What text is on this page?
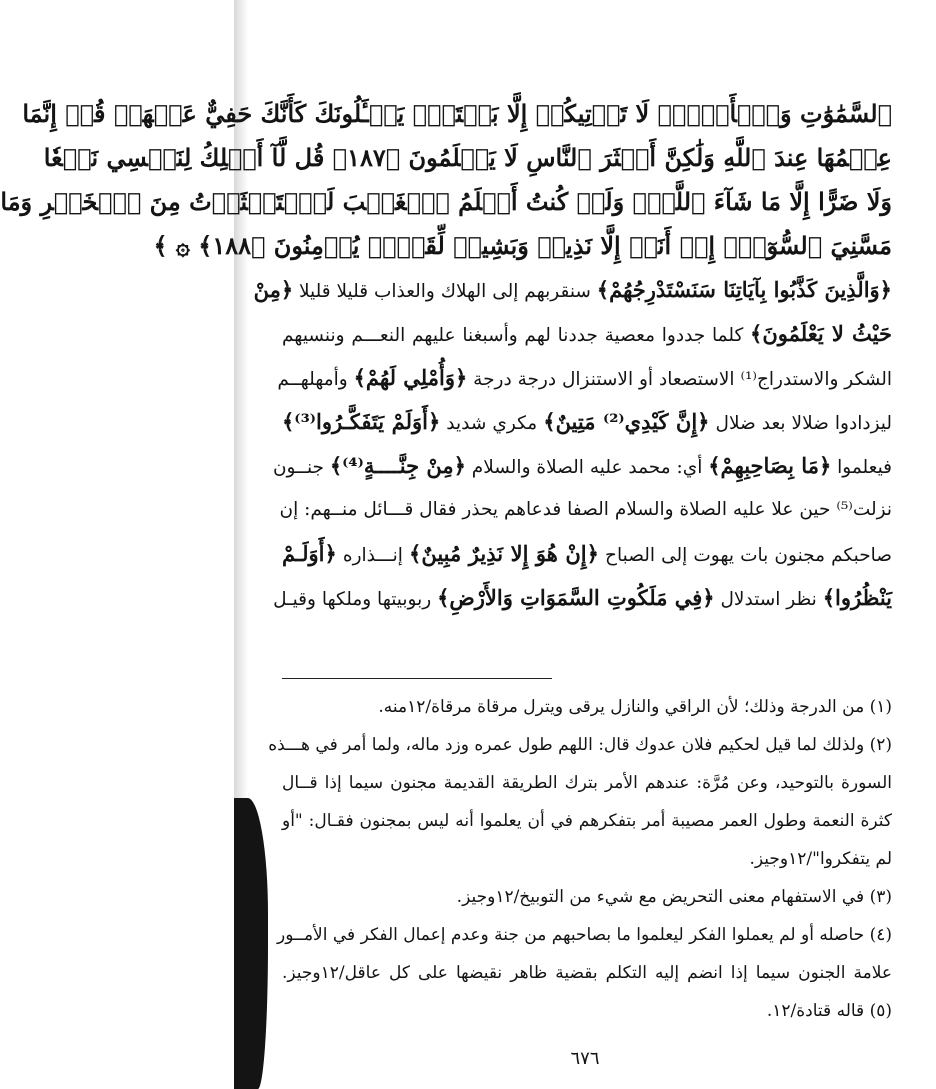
ٱلسَّمَٰوَٰتِ وَٱلۡأَرۡضِۚ لَا تَأۡتِيكُمۡ إِلَّا بَغۡتَةٗۗ يَسۡـَٔلُونَكَ كَأَنَّكَ حَفِيٌّ عَنۡهَاۖ قُلۡ إِنَّمَا
عِلۡمُهَا عِندَ ٱللَّهِ وَلَٰكِنَّ أَكۡثَرَ ٱلنَّاسِ لَا يَعۡلَمُونَ ﴿١٨٧﴾ قُل لَّآ أَمۡلِكُ لِنَفۡسِي نَفۡعٗا
وَلَا ضَرًّا إِلَّا مَا شَآءَ ٱللَّهُۚ وَلَوۡ كُنتُ أَعۡلَمُ ٱلۡغَيۡبَ لَٱسۡتَكۡثَرۡتُ مِنَ ٱلۡخَيۡرِ وَمَا
مَسَّنِيَ ٱلسُّوٓءُۚ إِنۡ أَنَا۠ إِلَّا نَذِيرٞ وَبَشِيرٞ لِّقَوۡمٖ يُؤۡمِنُونَ ﴿١٨٨﴾ ۞ ﴾
﴿وَالَّذِينَ كَذَّبُوا بِآيَاتِنَا سَنَسْتَدْرِجُهُمْ﴾ سنقربهم إلى الهلاك والعذاب قليلا قليلا ﴿مِنْ
حَيْثُ لا يَعْلَمُونَ﴾ كلما جددوا معصية جددنا لهم وأسبغنا عليهم النعـــم وننسيهم
الشكر والاستدراج⁽¹⁾ الاستصعاد أو الاستنزال درجة درجة ﴿وَأُمْلِي لَهُمْ﴾ وأمهلهــم
ليزدادوا ضلالا بعد ضلال ﴿إِنَّ كَيْدِي⁽²⁾ مَتِينٌ﴾ مكري شديد ﴿أَوَلَمْ يَتَفَكَّـرُوا⁽³⁾﴾
فيعلموا ﴿مَا بِصَاحِبِهِمْ﴾ أي: محمد عليه الصلاة والسلام ﴿مِنْ جِنَّــــةٍ⁽⁴⁾﴾ جنــون
نزلت⁽⁵⁾ حين علا عليه الصلاة والسلام الصفا فدعاهم يحذر فقال قـــائل منــهم: إن
صاحبكم مجنون بات يهوت إلى الصباح ﴿إِنْ هُوَ إِلا نَذِيرٌ مُبِينٌ﴾ إنـــذاره ﴿أَوَلَـمْ
يَنْظُرُوا﴾ نظر استدلال ﴿فِي مَلَكُوتِ السَّمَوَاتِ وَالأَرْضِ﴾ ربوبيتها وملكها وقيـل
(١) من الدرجة وذلك؛ لأن الراقي والنازل يرقى ويترل مرقاة مرقاة/١٢منه.
(٢) ولذلك لما قيل لحكيم فلان عدوك قال: اللهم طول عمره وزد ماله، ولما أمر في هـــذه
السورة بالتوحيد، وعن مُرَّة: عندهم الأمر بترك الطريقة القديمة مجنون سيما إذا قــال
كثرة النعمة وطول العمر مصيبة أمر بتفكرهم في أن يعلموا أنه ليس بمجنون فقـال: "أو
لم يتفكروا"/١٢وجيز.
(٣) في الاستفهام معنى التحريض مع شيء من التوبيخ/١٢وجيز.
(٤) حاصله أو لم يعملوا الفكر ليعلموا ما بصاحبهم من جنة وعدم إعمال الفكر في الأمــور
علامة الجنون سيما إذا انضم إليه التكلم بقضية ظاهر نقيضها على كل عاقل/١٢وجيز.
(٥) قاله قتادة/١٢.
٦٧٦
